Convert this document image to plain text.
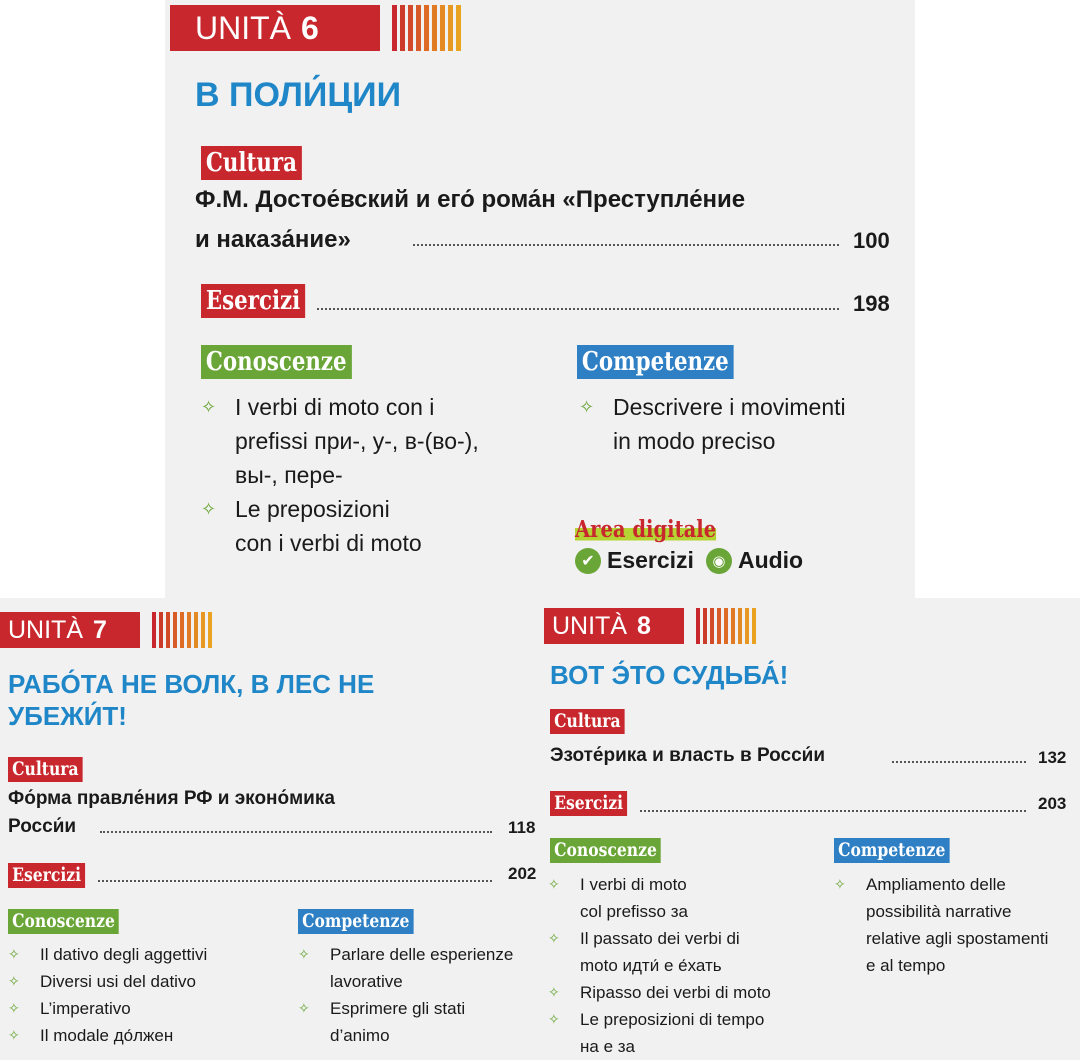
UNITÀ 6
В ПОЛИ́ЦИИ
Cultura
Ф.М. Достое́вский и его́ рома́н «Преступле́ние
и наказа́ние»	100
Esercizi	198
Conoscenze
✧ I verbi di moto con i
prefissi при-, у-, в-(во-),
вы-, пере-
✧ Le preposizioni
con i verbi di moto
Competenze
✧ Descrivere i movimenti
in modo preciso
Area digitale
✔ Esercizi	◉ Audio
UNITÀ 7
РАБО́ТА НЕ ВОЛК, В ЛЕС НЕ
УБЕЖИ́Т!
Cultura
Фо́рма правле́ния РФ и эконо́мика
Росси́и	118
Esercizi	202
Conoscenze
✧ Il dativo degli aggettivi
✧ Diversi usi del dativo
✧ L’imperativo
✧ Il modale до́лжен
Competenze
✧ Parlare delle esperienze
lavorative
✧ Esprimere gli stati
d’animo
UNITÀ 8
ВОТ Э́ТО СУДЬБА́!
Cultura
Эзоте́рика и власть в Росси́и	132
Esercizi	203
Conoscenze
✧ I verbi di moto
col prefisso за
✧ Il passato dei verbi di
moto идти́ e е́хать
✧ Ripasso dei verbi di moto
✧ Le preposizioni di tempo
на e за
Competenze
✧ Ampliamento delle
possibilità narrative
relative agli spostamenti
e al tempo
